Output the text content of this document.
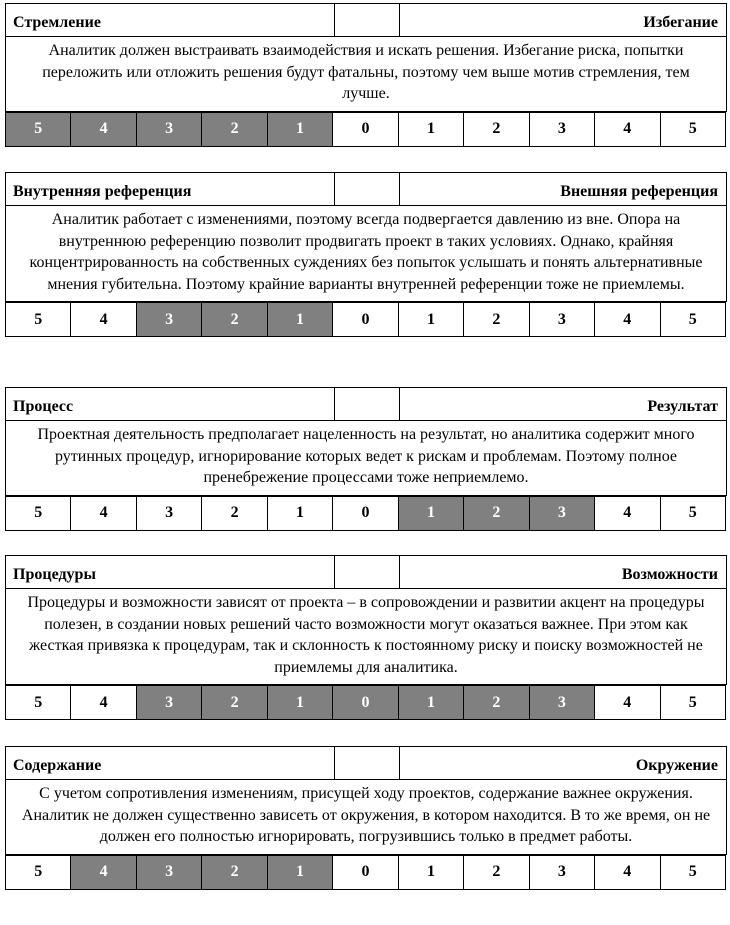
Стремление		Избегание
Аналитик должен выстраивать взаимодействия и искать решения. Избегание риска, попытки переложить или отложить решения будут фатальны, поэтому чем выше мотив стремления, тем лучше.
5	4	3	2	1	0	1	2	3	4	5
Внутренняя референция		Внешняя референция
Аналитик работает с изменениями, поэтому всегда подвергается давлению из вне. Опора на внутреннюю референцию позволит продвигать проект в таких условиях. Однако, крайняя концентрированность на собственных суждениях без попыток услышать и понять альтернативные мнения губительна. Поэтому крайние варианты внутренней референции тоже не приемлемы.
5	4	3	2	1	0	1	2	3	4	5
Процесс		Результат
Проектная деятельность предполагает нацеленность на результат, но аналитика содержит много рутинных процедур, игнорирование которых ведет к рискам и проблемам. Поэтому полное пренебрежение процессами тоже неприемлемо.
5	4	3	2	1	0	1	2	3	4	5
Процедуры		Возможности
Процедуры и возможности зависят от проекта – в сопровождении и развитии акцент на процедуры полезен, в создании новых решений часто возможности могут оказаться важнее. При этом как жесткая привязка к процедурам, так и склонность к постоянному риску и поиску возможностей не приемлемы для аналитика.
5	4	3	2	1	0	1	2	3	4	5
Содержание		Окружение
С учетом сопротивления изменениям, присущей ходу проектов, содержание важнее окружения. Аналитик не должен существенно зависеть от окружения, в котором находится. В то же время, он не должен его полностью игнорировать, погрузившись только в предмет работы.
5	4	3	2	1	0	1	2	3	4	5
